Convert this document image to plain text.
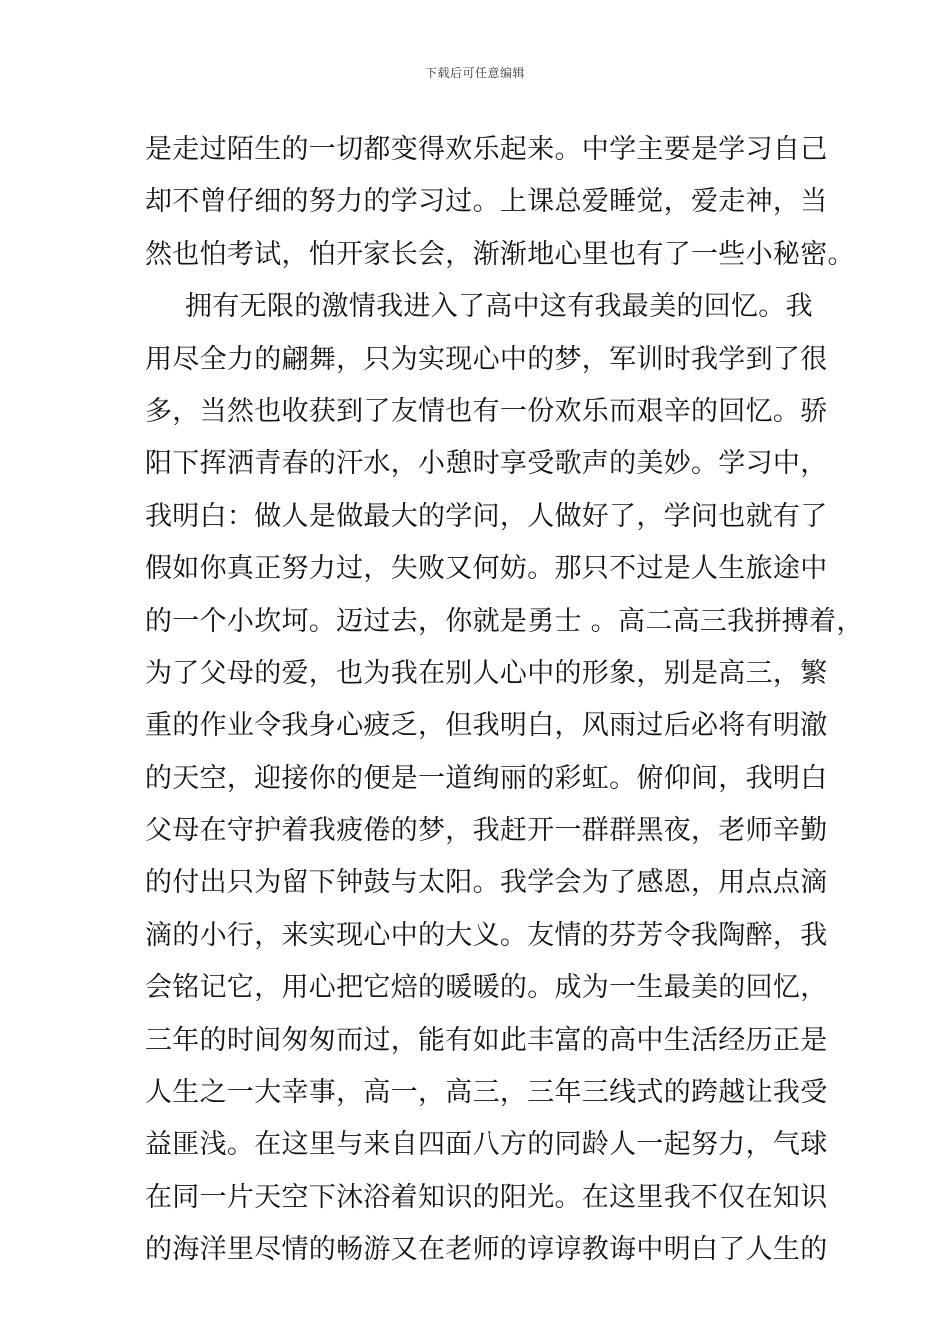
下载后可任意编辑
是走过陌生的一切都变得欢乐起来。中学主要是学习自己
却不曾仔细的努力的学习过。上课总爱睡觉，爱走神，当
然也怕考试，怕开家长会，渐渐地心里也有了一些小秘密。
拥有无限的激情我进入了高中这有我最美的回忆。我
用尽全力的翩舞，只为实现心中的梦，军训时我学到了很
多，当然也收获到了友情也有一份欢乐而艰辛的回忆。骄
阳下挥洒青春的汗水，小憩时享受歌声的美妙。学习中，
我明白：做人是做最大的学问，人做好了，学问也就有了
假如你真正努力过，失败又何妨。那只不过是人生旅途中
的一个小坎坷。迈过去，你就是勇士 。高二高三我拼搏着，
为了父母的爱，也为我在别人心中的形象，别是高三，繁
重的作业令我身心疲乏，但我明白，风雨过后必将有明澈
的天空，迎接你的便是一道绚丽的彩虹。俯仰间，我明白
父母在守护着我疲倦的梦，我赶开一群群黑夜，老师辛勤
的付出只为留下钟鼓与太阳。我学会为了感恩，用点点滴
滴的小行，来实现心中的大义。友情的芬芳令我陶醉，我
会铭记它，用心把它焙的暖暖的。成为一生最美的回忆，
三年的时间匆匆而过，能有如此丰富的高中生活经历正是
人生之一大幸事，高一，高三，三年三线式的跨越让我受
益匪浅。在这里与来自四面八方的同龄人一起努力，气球
在同一片天空下沐浴着知识的阳光。在这里我不仅在知识
的海洋里尽情的畅游又在老师的谆谆教诲中明白了人生的
